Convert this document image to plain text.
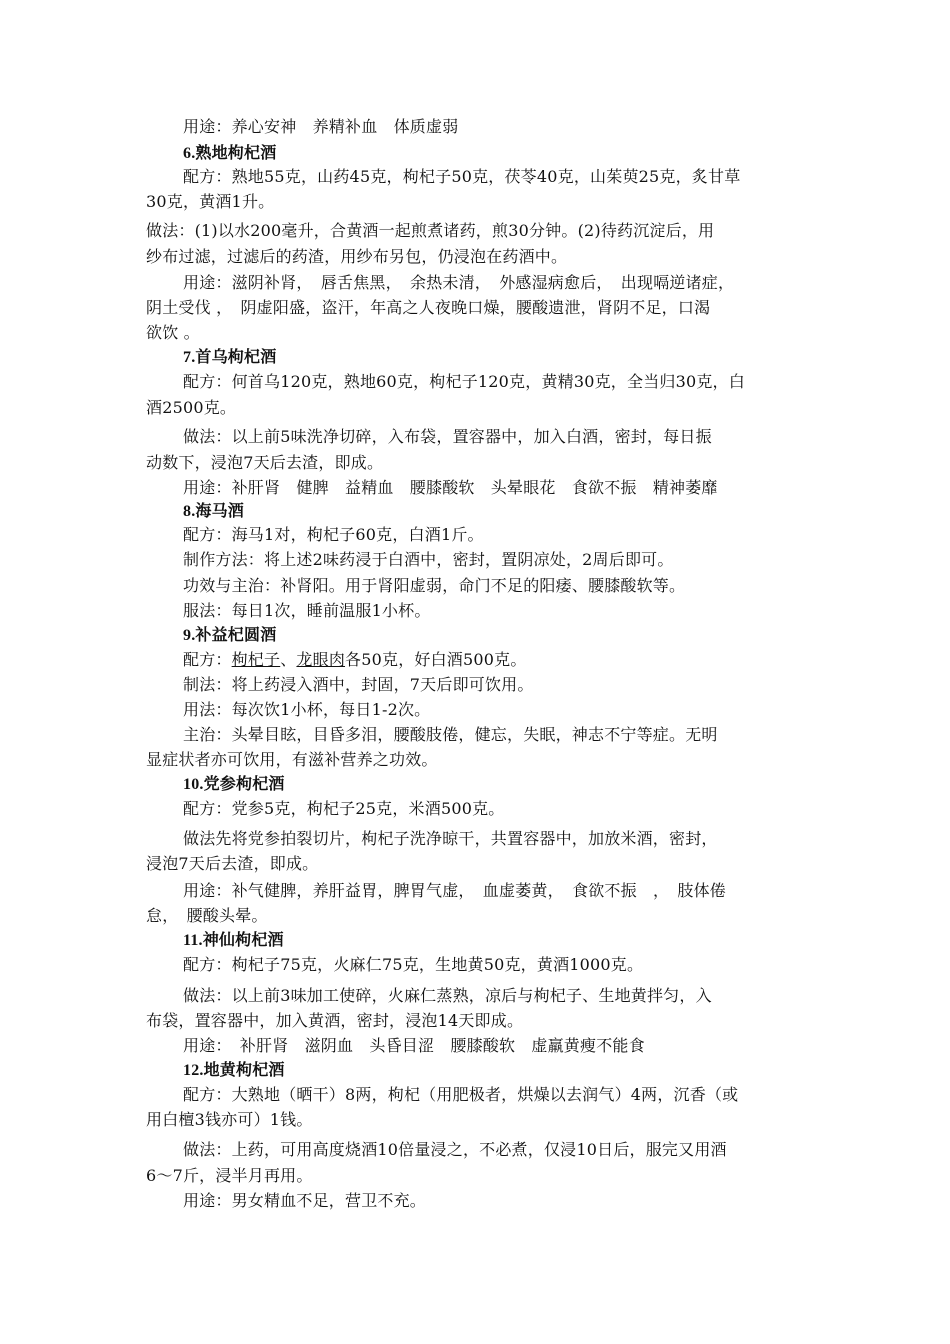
用途：养心安神　养精补血　体质虚弱
6.熟地枸杞酒
配方：熟地55克，山药45克，枸杞子50克，茯苓40克，山茱萸25克，炙甘草
30克，黄酒1升。
做法：(1)以水200毫升，合黄酒一起煎煮诸药，煎30分钟。(2)待药沉淀后，用
纱布过滤，过滤后的药渣，用纱布另包，仍浸泡在药酒中。
用途：滋阴补肾，　唇舌焦黑，　余热未清，　外感湿病愈后，　出现嗝逆诸症，
阴土受伐 ，　阴虚阳盛，盗汗，年高之人夜晚口燥，腰酸遗泄，肾阴不足，口渴
欲饮 。
7.首乌枸杞酒
配方：何首乌120克，熟地60克，枸杞子120克，黄精30克，全当归30克，白
酒2500克。
做法：以上前5味洗净切碎，入布袋，置容器中，加入白酒，密封，每日振
动数下，浸泡7天后去渣，即成。
用途：补肝肾　健脾　益精血　腰膝酸软　头晕眼花　食欲不振　精神萎靡
8.海马酒
配方：海马1对，枸杞子60克，白酒1斤。
制作方法：将上述2味药浸于白酒中，密封，置阴凉处，2周后即可。
功效与主治：补肾阳。用于肾阳虚弱，命门不足的阳痿、腰膝酸软等。
服法：每日1次，睡前温服1小杯。
9.补益杞圆酒
配方：枸杞子、龙眼肉各50克，好白酒500克。
制法：将上药浸入酒中，封固，7天后即可饮用。
用法：每次饮1小杯，每日1-2次。
主治：头晕目眩，目昏多泪，腰酸肢倦，健忘，失眠，神志不宁等症。无明
显症状者亦可饮用，有滋补营养之功效。
10.党参枸杞酒
配方：党参5克，枸杞子25克，米酒500克。
做法先将党参拍裂切片，枸杞子洗净晾干，共置容器中，加放米酒，密封，
浸泡7天后去渣，即成。
用途：补气健脾，养肝益胃，脾胃气虚，　血虚萎黄，　食欲不振　，　肢体倦
怠，　腰酸头晕。
11.神仙枸杞酒
配方：枸杞子75克，火麻仁75克，生地黄50克，黄酒1000克。
做法：以上前3味加工使碎，火麻仁蒸熟，凉后与枸杞子、生地黄拌匀，入
布袋，置容器中，加入黄酒，密封，浸泡14天即成。
用途：　补肝肾　滋阴血　头昏目涩　腰膝酸软　虚羸黄瘦不能食
12.地黄枸杞酒
配方：大熟地（晒干）8两，枸杞（用肥极者，烘燥以去润气）4两，沉香（或
用白檀3钱亦可）1钱。
做法：上药，可用高度烧酒10倍量浸之，不必煮，仅浸10日后，服完又用酒
6～7斤，浸半月再用。
用途：男女精血不足，营卫不充。
